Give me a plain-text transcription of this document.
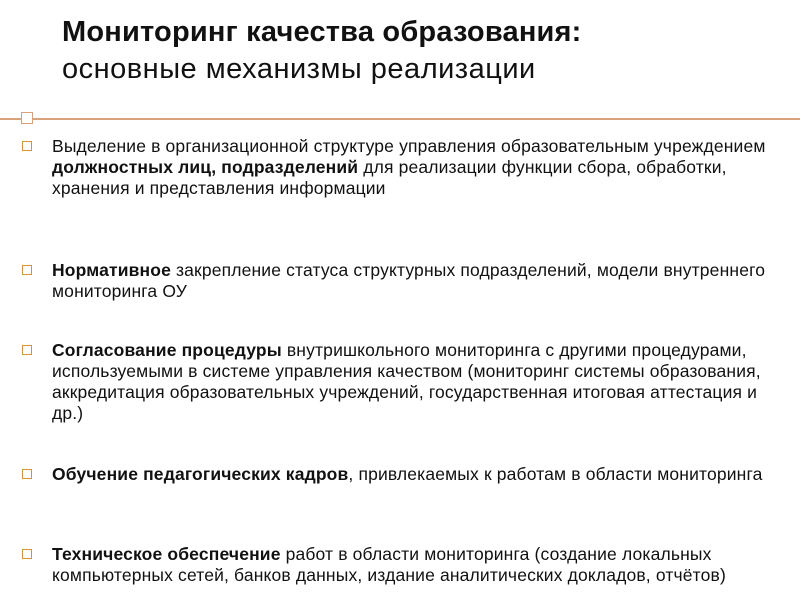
Мониторинг качества образования:
основные механизмы реализации
Выделение в организационной структуре управления образовательным учреждением должностных лиц, подразделений для реализации функции сбора, обработки, хранения и представления информации
Нормативное закрепление статуса структурных подразделений, модели внутреннего мониторинга ОУ
Согласование процедуры внутришкольного мониторинга с другими процедурами, используемыми в системе управления качеством (мониторинг системы образования, аккредитация образовательных учреждений, государственная итоговая аттестация и др.)
Обучение педагогических кадров, привлекаемых к работам в области мониторинга
Техническое обеспечение работ в области мониторинга (создание локальных компьютерных сетей, банков данных, издание аналитических докладов, отчётов)
